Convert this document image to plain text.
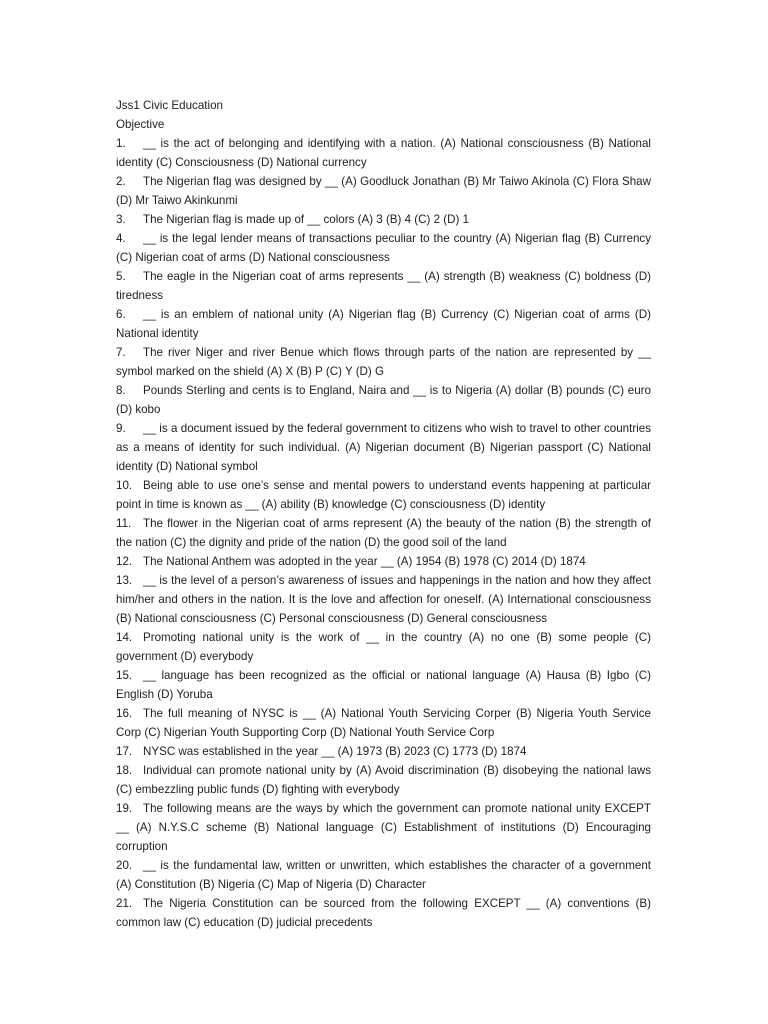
Jss1 Civic Education

Objective

1. __ is the act of belonging and identifying with a nation. (A) National consciousness (B) National identity (C) Consciousness (D) National currency

2. The Nigerian flag was designed by __ (A) Goodluck Jonathan (B) Mr Taiwo Akinola (C) Flora Shaw (D) Mr Taiwo Akinkunmi

3. The Nigerian flag is made up of __ colors (A) 3 (B) 4 (C) 2 (D) 1

4. __ is the legal lender means of transactions peculiar to the country (A) Nigerian flag (B) Currency (C) Nigerian coat of arms (D) National consciousness

5. The eagle in the Nigerian coat of arms represents __ (A) strength (B) weakness (C) boldness (D) tiredness

6. __ is an emblem of national unity (A) Nigerian flag (B) Currency (C) Nigerian coat of arms (D) National identity

7. The river Niger and river Benue which flows through parts of the nation are represented by __ symbol marked on the shield (A) X (B) P (C) Y (D) G

8. Pounds Sterling and cents is to England, Naira and __ is to Nigeria (A) dollar (B) pounds (C) euro (D) kobo

9. __ is a document issued by the federal government to citizens who wish to travel to other countries as a means of identity for such individual. (A) Nigerian document (B) Nigerian passport (C) National identity (D) National symbol

10. Being able to use one’s sense and mental powers to understand events happening at particular point in time is known as __ (A) ability (B) knowledge (C) consciousness (D) identity

11. The flower in the Nigerian coat of arms represent (A) the beauty of the nation (B) the strength of the nation (C) the dignity and pride of the nation (D) the good soil of the land

12. The National Anthem was adopted in the year __ (A) 1954 (B) 1978 (C) 2014 (D) 1874

13. __ is the level of a person’s awareness of issues and happenings in the nation and how they affect him/her and others in the nation. It is the love and affection for oneself. (A) International consciousness (B) National consciousness (C) Personal consciousness (D) General consciousness

14. Promoting national unity is the work of __ in the country (A) no one (B) some people (C) government (D) everybody

15. __ language has been recognized as the official or national language (A) Hausa (B) Igbo (C) English (D) Yoruba

16. The full meaning of NYSC is __ (A) National Youth Servicing Corper (B) Nigeria Youth Service Corp (C) Nigerian Youth Supporting Corp (D) National Youth Service Corp

17. NYSC was established in the year __ (A) 1973 (B) 2023 (C) 1773 (D) 1874

18. Individual can promote national unity by (A) Avoid discrimination (B) disobeying the national laws (C) embezzling public funds (D) fighting with everybody

19. The following means are the ways by which the government can promote national unity EXCEPT __ (A) N.Y.S.C scheme (B) National language (C) Establishment of institutions (D) Encouraging corruption

20. __ is the fundamental law, written or unwritten, which establishes the character of a government (A) Constitution (B) Nigeria (C) Map of Nigeria (D) Character

21. The Nigeria Constitution can be sourced from the following EXCEPT __ (A) conventions (B) common law (C) education (D) judicial precedents
